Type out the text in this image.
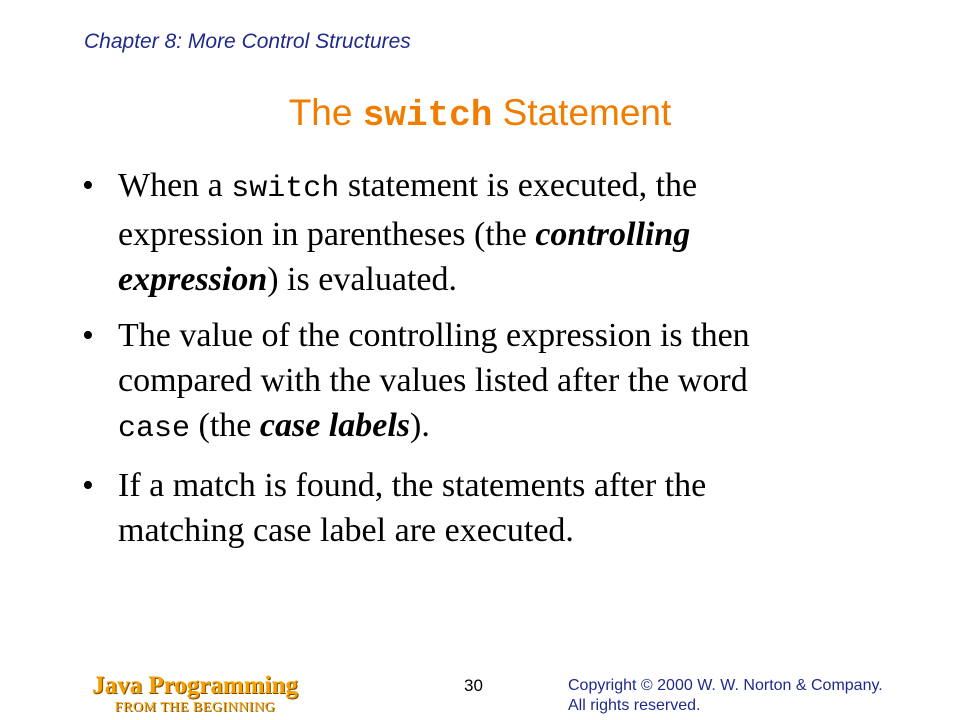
Chapter 8: More Control Structures
The switch Statement
• When a switch statement is executed, the expression in parentheses (the controlling expression) is evaluated.
• The value of the controlling expression is then compared with the values listed after the word case (the case labels).
• If a match is found, the statements after the matching case label are executed.
Java Programming
FROM THE BEGINNING
30	Copyright © 2000 W. W. Norton & Company.
All rights reserved.
